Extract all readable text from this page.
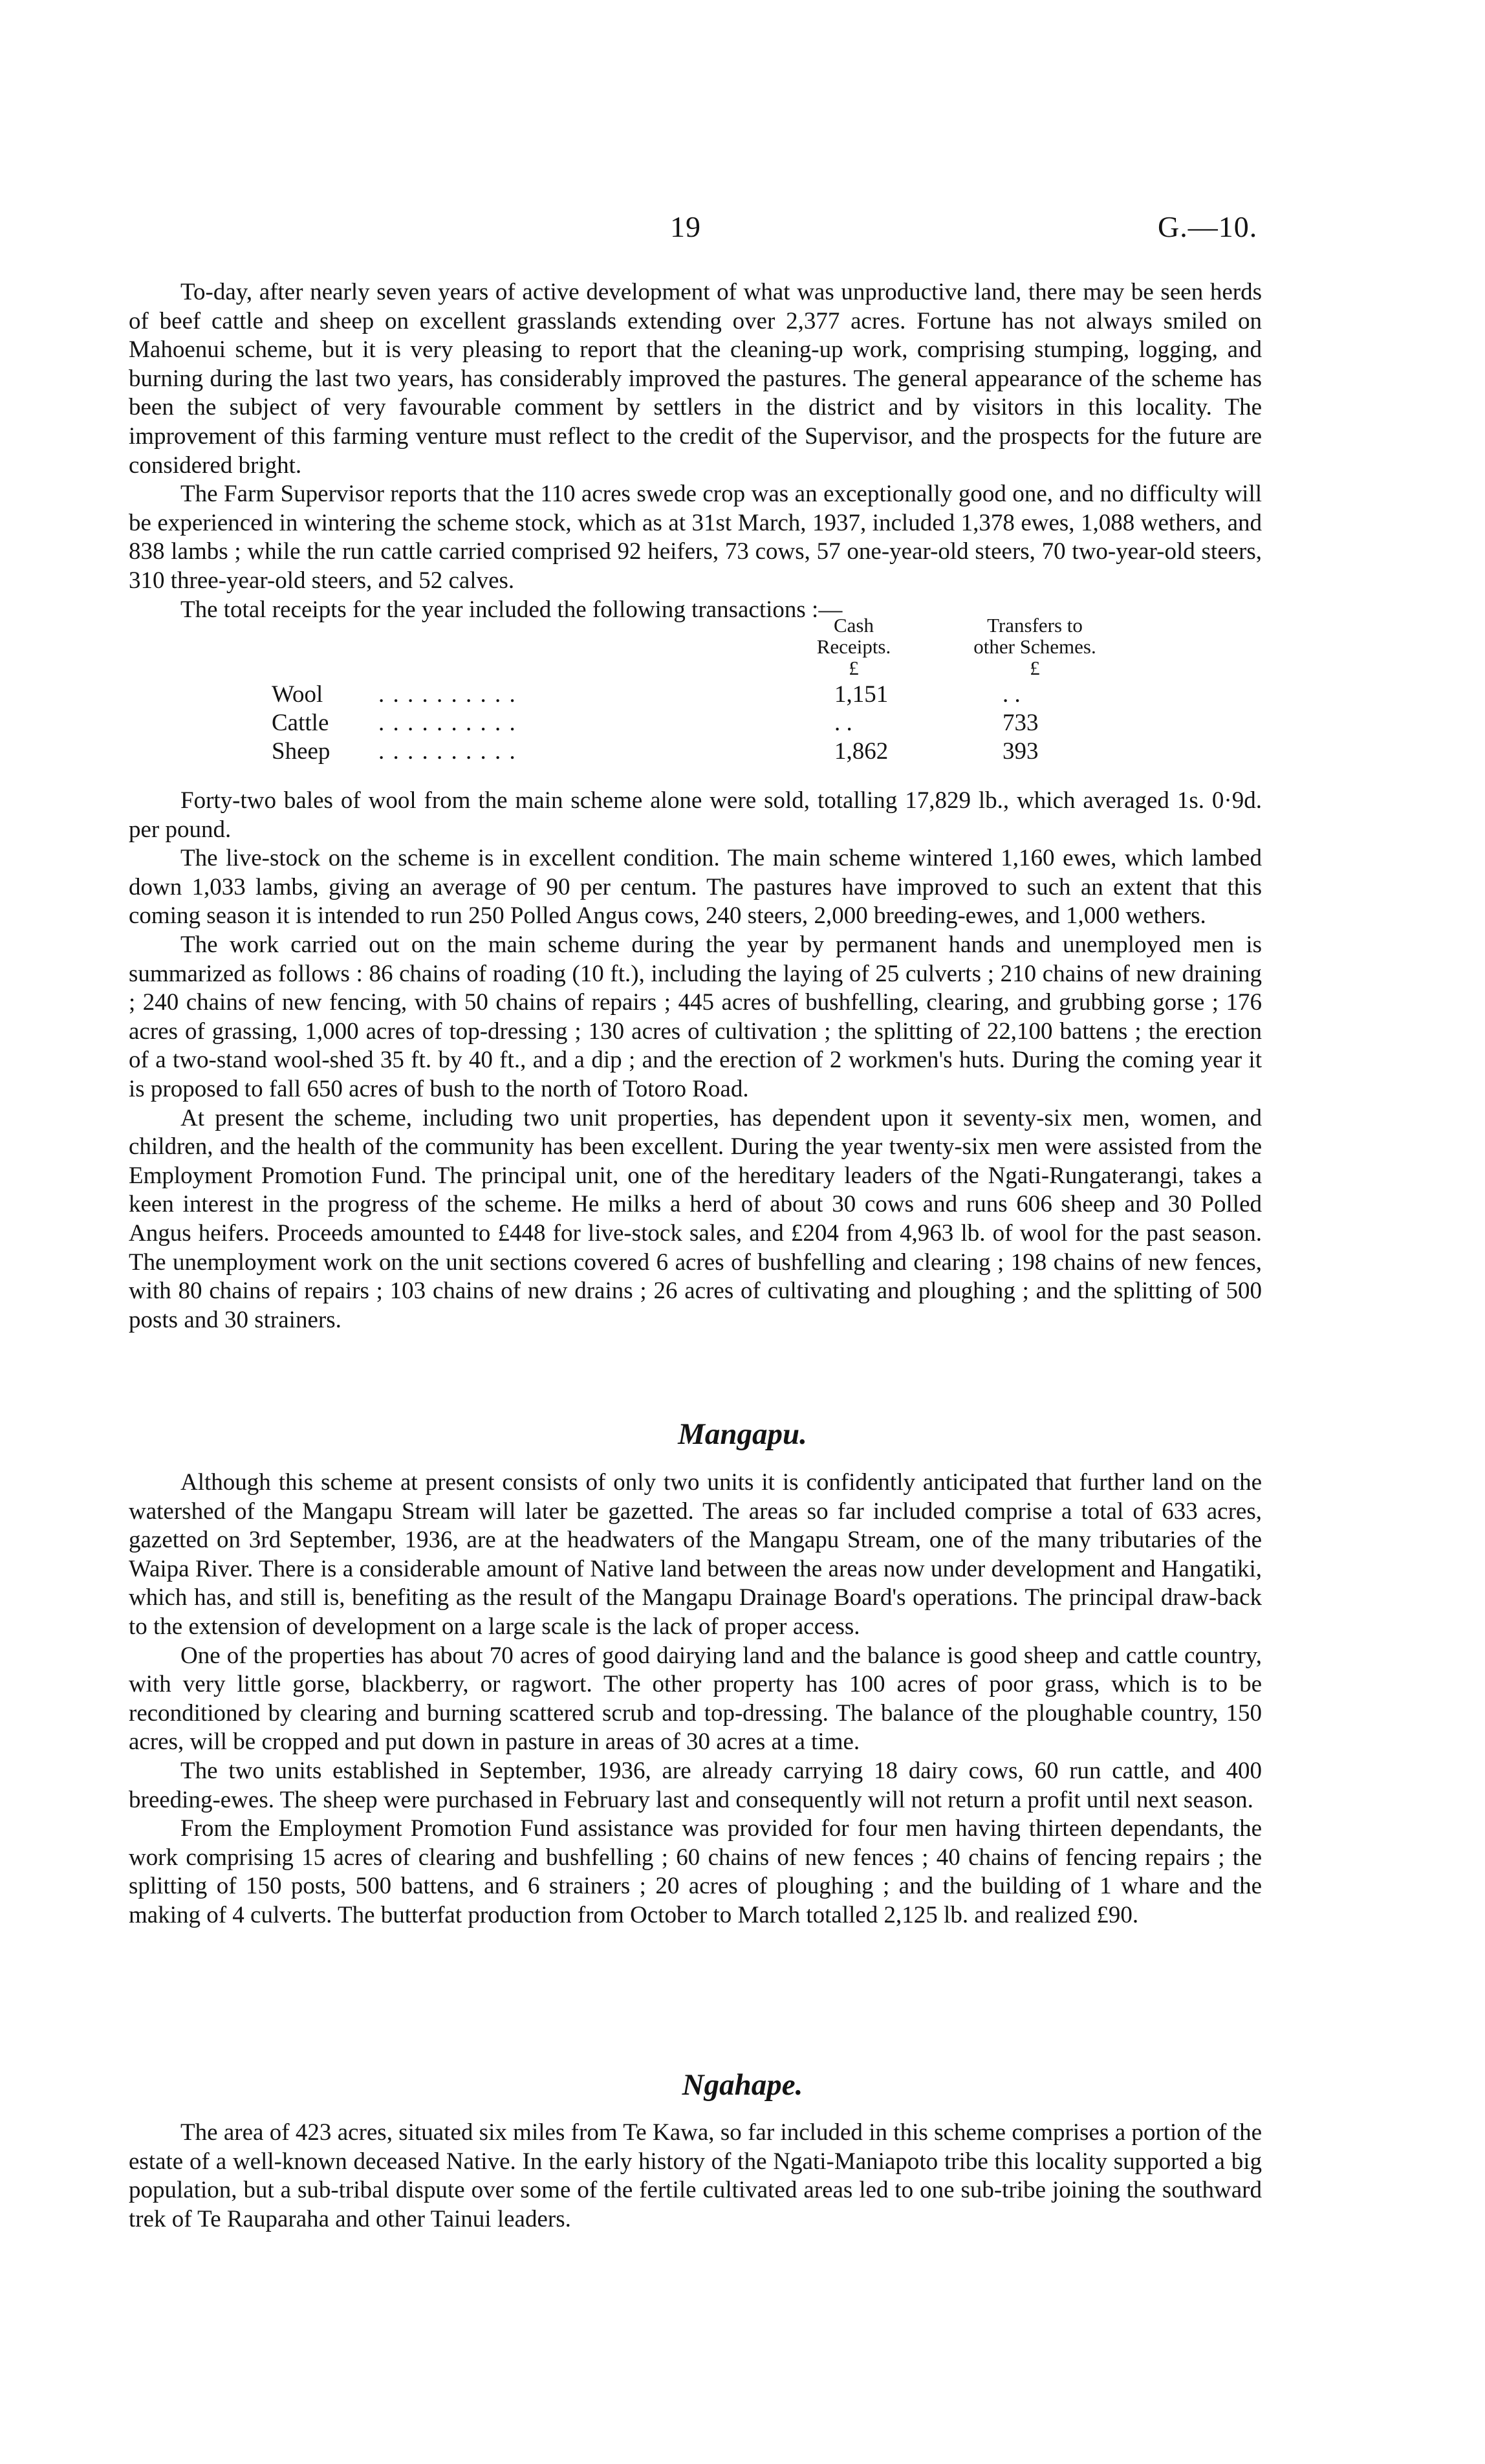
19	G.—10.

To-day, after nearly seven years of active development of what was unproductive land, there may be seen herds of beef cattle and sheep on excellent grasslands extending over 2,377 acres. Fortune has not always smiled on Mahoenui scheme, but it is very pleasing to report that the cleaning-up work, comprising stumping, logging, and burning during the last two years, has considerably improved the pastures. The general appearance of the scheme has been the subject of very favourable comment by settlers in the district and by visitors in this locality. The improvement of this farming venture must reflect to the credit of the Supervisor, and the prospects for the future are considered bright.

The Farm Supervisor reports that the 110 acres swede crop was an exceptionally good one, and no difficulty will be experienced in wintering the scheme stock, which as at 31st March, 1937, included 1,378 ewes, 1,088 wethers, and 838 lambs ; while the run cattle carried comprised 92 heifers, 73 cows, 57 one-year-old steers, 70 two-year-old steers, 310 three-year-old steers, and 52 calves.

The total receipts for the year included the following transactions :—

Cash
Receipts.
£
Transfers to
other Schemes.
£
Wool . . . . . . . . . .	1,151	. .
Cattle . . . . . . . . . .	. .	733
Sheep . . . . . . . . . .	1,862	393

Forty-two bales of wool from the main scheme alone were sold, totalling 17,829 lb., which averaged 1s. 0·9d. per pound.

The live-stock on the scheme is in excellent condition. The main scheme wintered 1,160 ewes, which lambed down 1,033 lambs, giving an average of 90 per centum. The pastures have improved to such an extent that this coming season it is intended to run 250 Polled Angus cows, 240 steers, 2,000 breeding-ewes, and 1,000 wethers.

The work carried out on the main scheme during the year by permanent hands and unemployed men is summarized as follows : 86 chains of roading (10 ft.), including the laying of 25 culverts ; 210 chains of new draining ; 240 chains of new fencing, with 50 chains of repairs ; 445 acres of bushfelling, clearing, and grubbing gorse ; 176 acres of grassing, 1,000 acres of top-dressing ; 130 acres of cultivation ; the splitting of 22,100 battens ; the erection of a two-stand wool-shed 35 ft. by 40 ft., and a dip ; and the erection of 2 workmen's huts. During the coming year it is proposed to fall 650 acres of bush to the north of Totoro Road.

At present the scheme, including two unit properties, has dependent upon it seventy-six men, women, and children, and the health of the community has been excellent. During the year twenty-six men were assisted from the Employment Promotion Fund. The principal unit, one of the hereditary leaders of the Ngati-Rungaterangi, takes a keen interest in the progress of the scheme. He milks a herd of about 30 cows and runs 606 sheep and 30 Polled Angus heifers. Proceeds amounted to £448 for live-stock sales, and £204 from 4,963 lb. of wool for the past season. The unemployment work on the unit sections covered 6 acres of bushfelling and clearing ; 198 chains of new fences, with 80 chains of repairs ; 103 chains of new drains ; 26 acres of cultivating and ploughing ; and the splitting of 500 posts and 30 strainers.

Mangapu.

Although this scheme at present consists of only two units it is confidently anticipated that further land on the watershed of the Mangapu Stream will later be gazetted. The areas so far included comprise a total of 633 acres, gazetted on 3rd September, 1936, are at the headwaters of the Mangapu Stream, one of the many tributaries of the Waipa River. There is a considerable amount of Native land between the areas now under development and Hangatiki, which has, and still is, benefiting as the result of the Mangapu Drainage Board's operations. The principal draw-back to the extension of development on a large scale is the lack of proper access.

One of the properties has about 70 acres of good dairying land and the balance is good sheep and cattle country, with very little gorse, blackberry, or ragwort. The other property has 100 acres of poor grass, which is to be reconditioned by clearing and burning scattered scrub and top-dressing. The balance of the ploughable country, 150 acres, will be cropped and put down in pasture in areas of 30 acres at a time.

The two units established in September, 1936, are already carrying 18 dairy cows, 60 run cattle, and 400 breeding-ewes. The sheep were purchased in February last and consequently will not return a profit until next season.

From the Employment Promotion Fund assistance was provided for four men having thirteen dependants, the work comprising 15 acres of clearing and bushfelling ; 60 chains of new fences ; 40 chains of fencing repairs ; the splitting of 150 posts, 500 battens, and 6 strainers ; 20 acres of ploughing ; and the building of 1 whare and the making of 4 culverts. The butterfat production from October to March totalled 2,125 lb. and realized £90.

Ngahape.

The area of 423 acres, situated six miles from Te Kawa, so far included in this scheme comprises a portion of the estate of a well-known deceased Native. In the early history of the Ngati-Maniapoto tribe this locality supported a big population, but a sub-tribal dispute over some of the fertile cultivated areas led to one sub-tribe joining the southward trek of Te Rauparaha and other Tainui leaders.
